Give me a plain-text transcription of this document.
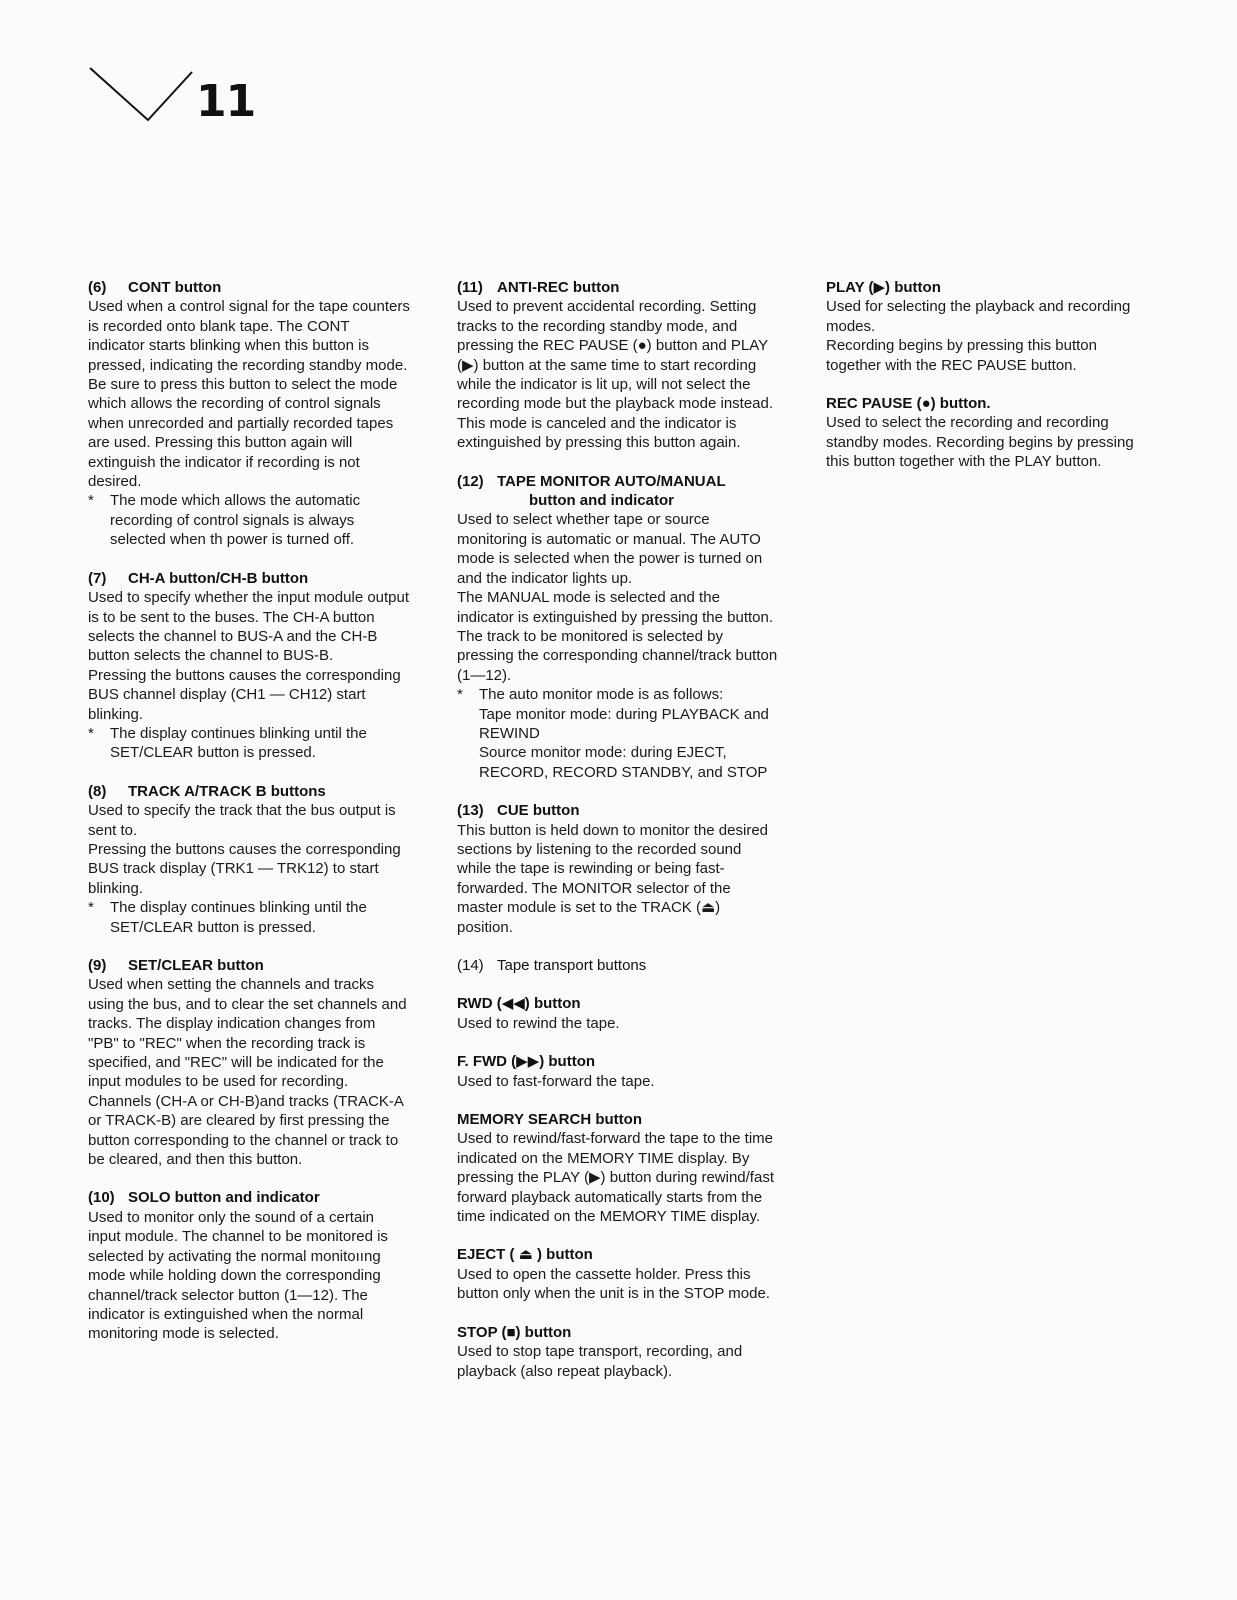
11
(6) CONT button

Used when a control signal for the tape counters is recorded onto blank tape. The CONT indicator starts blinking when this button is pressed, indicating the recording standby mode.

Be sure to press this button to select the mode which allows the recording of control signals when unrecorded and partially recorded tapes are used. Pressing this button again will extinguish the indicator if recording is not desired.

* The mode which allows the automatic recording of control signals is always selected when th power is turned off.
(7) CH-A button/CH-B button

Used to specify whether the input module output is to be sent to the buses. The CH-A button selects the channel to BUS-A and the CH-B button selects the channel to BUS-B.

Pressing the buttons causes the corresponding BUS channel display (CH1 — CH12) start blinking.

* The display continues blinking until the SET/CLEAR button is pressed.
(8) TRACK A/TRACK B buttons

Used to specify the track that the bus output is sent to.

Pressing the buttons causes the corresponding BUS track display (TRK1 — TRK12) to start blinking.

* The display continues blinking until the SET/CLEAR button is pressed.
(9) SET/CLEAR button

Used when setting the channels and tracks using the bus, and to clear the set channels and tracks. The display indication changes from "PB" to "REC" when the recording track is specified, and "REC" will be indicated for the input modules to be used for recording.

Channels (CH-A or CH-B)and tracks (TRACK-A or TRACK-B) are cleared by first pressing the button corresponding to the channel or track to be cleared, and then this button.

(10) SOLO button and indicator

Used to monitor only the sound of a certain input module. The channel to be monitored is selected by activating the normal monitoııng mode while holding down the corresponding channel/track selector button (1—12). The indicator is extinguished when the normal monitoring mode is selected.

(11) ANTI-REC button

Used to prevent accidental recording. Setting tracks to the recording standby mode, and pressing the REC PAUSE (●) button and PLAY (▶) button at the same time to start recording while the indicator is lit up, will not select the recording mode but the playback mode instead. This mode is canceled and the indicator is extinguished by pressing this button again.

(12) TAPE MONITOR AUTO/MANUAL
button and indicator

Used to select whether tape or source monitoring is automatic or manual. The AUTO mode is selected when the power is turned on and the indicator lights up.

The MANUAL mode is selected and the indicator is extinguished by pressing the button. The track to be monitored is selected by pressing the corresponding channel/track button (1—12).

* The auto monitor mode is as follows:
Tape monitor mode: during PLAYBACK and REWIND
Source monitor mode: during EJECT, RECORD, RECORD STANDBY, and STOP
(13) CUE button

This button is held down to monitor the desired sections by listening to the recorded sound while the tape is rewinding or being fast-forwarded. The MONITOR selector of the master module is set to the TRACK (⏏) position.

(14) Tape transport buttons
RWD (◀◀) button

Used to rewind the tape.

F. FWD (▶▶) button

Used to fast-forward the tape.

MEMORY SEARCH button

Used to rewind/fast-forward the tape to the time indicated on the MEMORY TIME display. By pressing the PLAY (▶) button during rewind/fast forward playback automatically starts from the time indicated on the MEMORY TIME display.

EJECT ( ⏏ ) button

Used to open the cassette holder. Press this button only when the unit is in the STOP mode.

STOP (■) button

Used to stop tape transport, recording, and playback (also repeat playback).

PLAY (▶) button

Used for selecting the playback and recording modes.

Recording begins by pressing this button together with the REC PAUSE button.

REC PAUSE (●) button.

Used to select the recording and recording standby modes. Recording begins by pressing this button together with the PLAY button.
